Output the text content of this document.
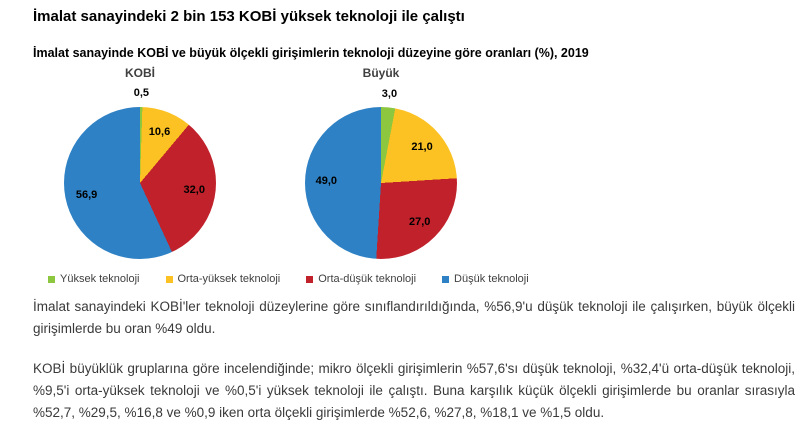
İmalat sanayindeki 2 bin 153 KOBİ yüksek teknoloji ile çalıştı
İmalat sanayinde KOBİ ve büyük ölçekli girişimlerin teknoloji düzeyine göre oranları (%), 2019
KOBİ
0,5
10,6
32,0
56,9
Büyük
3,0
21,0
27,0
49,0
Yüksek teknoloji	Orta-yüksek teknoloji	Orta-düşük teknoloji	Düşük teknoloji

İmalat sanayindeki KOBİ'ler teknoloji düzeylerine göre sınıflandırıldığında, %56,9'u düşük teknoloji ile çalışırken, büyük ölçekli girişimlerde bu oran %49 oldu.

KOBİ büyüklük gruplarına göre incelendiğinde; mikro ölçekli girişimlerin %57,6'sı düşük teknoloji, %32,4'ü orta-düşük teknoloji, %9,5'i orta-yüksek teknoloji ve %0,5'i yüksek teknoloji ile çalıştı. Buna karşılık küçük ölçekli girişimlerde bu oranlar sırasıyla %52,7, %29,5, %16,8 ve %0,9 iken orta ölçekli girişimlerde %52,6, %27,8, %18,1 ve %1,5 oldu.
